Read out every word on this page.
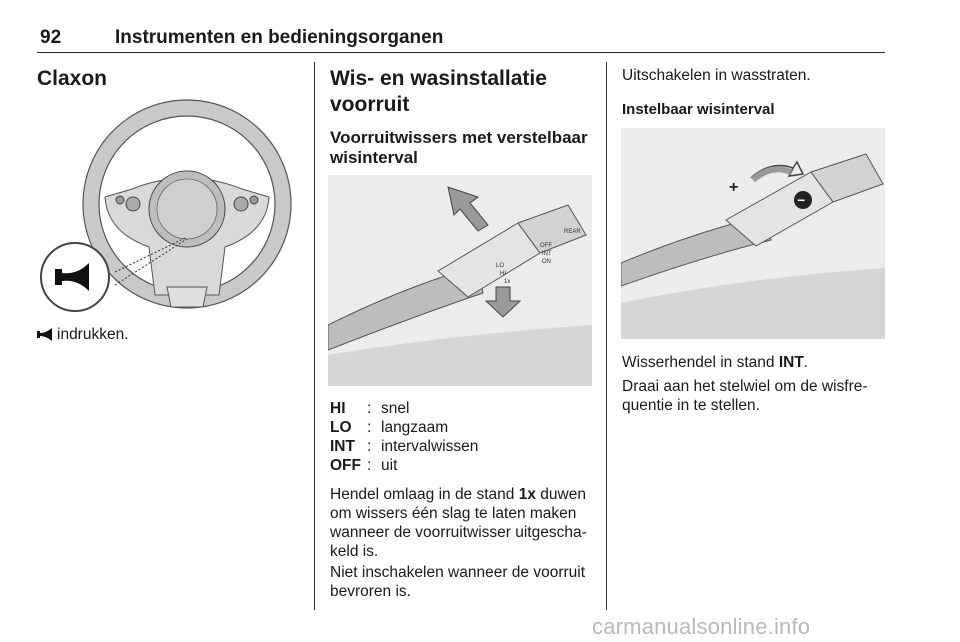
92	Instrumenten en bedieningsorganen
Claxon
indrukken.
Wis- en wasinstallatie
voorruit
Voorruitwissers met verstelbaar
wisinterval
OFF
INT
LO
HI
1x
REAR
ON
HI	: snel
LO : langzaam
INT : intervalwissen
OFF : uit
Hendel omlaag in de stand 1x duwen
om wissers één slag te laten maken
wanneer de voorruitwisser uitgescha-
keld is.
Niet inschakelen wanneer de voorruit
bevroren is.
Uitschakelen in wasstraten.
Instelbaar wisinterval
+
−
Wisserhendel in stand INT.
Draai aan het stelwiel om de wisfre-
quentie in te stellen.
carmanualsonline.info
